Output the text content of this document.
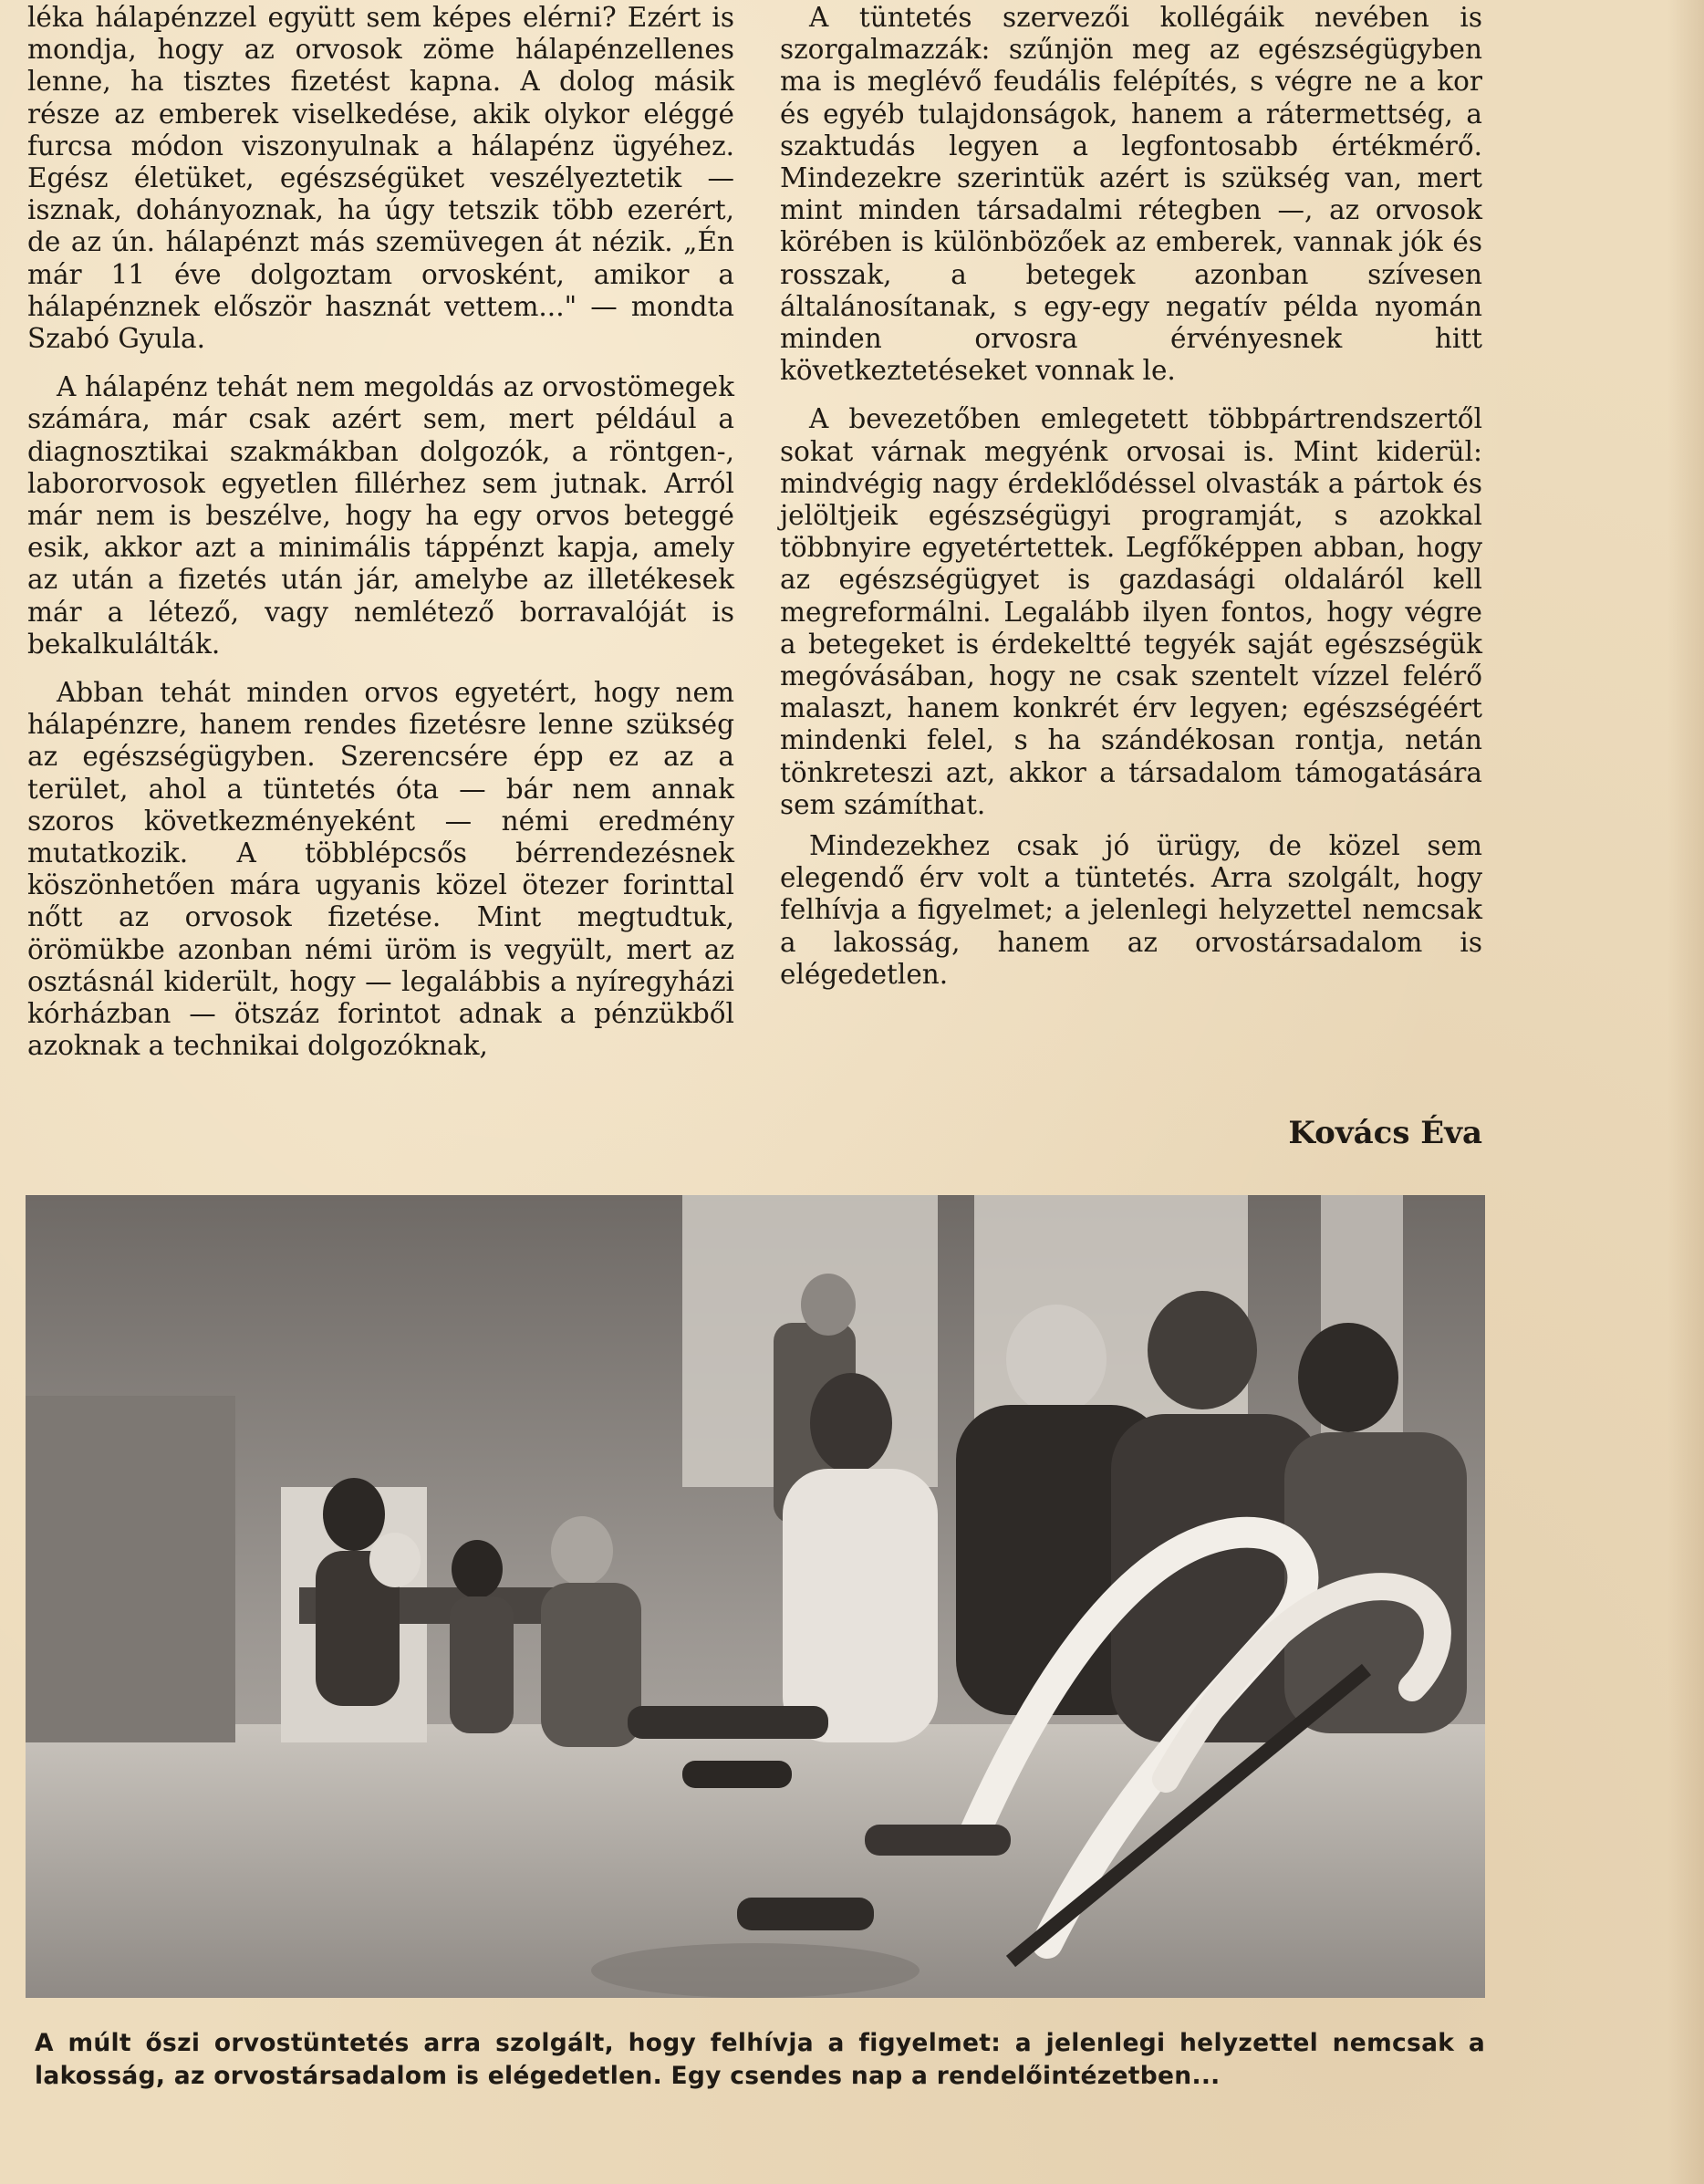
léka hálapénzzel együtt sem képes elérni? Ezért is mondja, hogy az orvosok zöme hálapénzellenes lenne, ha tisztes fizetést kapna. A dolog másik része az emberek viselkedése, akik olykor eléggé furcsa módon viszonyulnak a hálapénz ügyéhez. Egész életüket, egészségüket veszélyeztetik — isznak, dohányoznak, ha úgy tetszik több ezerért, de az ún. hálapénzt más szemüvegen át nézik. „Én már 11 éve dolgoztam orvosként, amikor a hálapénznek először hasznát vettem..." — mondta Szabó Gyula.

A hálapénz tehát nem megoldás az orvostömegek számára, már csak azért sem, mert például a diagnosztikai szakmákban dolgozók, a röntgen-, labororvosok egyetlen fillérhez sem jutnak. Arról már nem is beszélve, hogy ha egy orvos beteggé esik, akkor azt a minimális táppénzt kapja, amely az után a fizetés után jár, amelybe az illetékesek már a létező, vagy nemlétező borravalóját is bekalkulálták.

Abban tehát minden orvos egyetért, hogy nem hálapénzre, hanem rendes fizetésre lenne szükség az egészségügyben. Szerencsére épp ez az a terület, ahol a tüntetés óta — bár nem annak szoros következményeként — némi eredmény mutatkozik. A többlépcsős bérrendezésnek köszönhetően mára ugyanis közel ötezer forinttal nőtt az orvosok fizetése. Mint megtudtuk, örömükbe azonban némi üröm is vegyült, mert az osztásnál kiderült, hogy — legalábbis a nyíregyházi kórházban — ötszáz forintot adnak a pénzükből azoknak a technikai dolgozóknak,

A tüntetés szervezői kollégáik nevében is szorgalmazzák: szűnjön meg az egészségügyben ma is meglévő feudális felépítés, s végre ne a kor és egyéb tulajdonságok, hanem a rátermettség, a szaktudás legyen a legfontosabb értékmérő. Mindezekre szerintük azért is szükség van, mert mint minden társadalmi rétegben —, az orvosok körében is különbözőek az emberek, vannak jók és rosszak, a betegek azonban szívesen általánosítanak, s egy-egy negatív példa nyomán minden orvosra érvényesnek hitt következtetéseket vonnak le.

A bevezetőben emlegetett többpártrendszertől sokat várnak megyénk orvosai is. Mint kiderül: mindvégig nagy érdeklődéssel olvasták a pártok és jelöltjeik egészségügyi programját, s azokkal többnyire egyetértettek. Legfőképpen abban, hogy az egészségügyet is gazdasági oldaláról kell megreformálni. Legalább ilyen fontos, hogy végre a betegeket is érdekeltté tegyék saját egészségük megóvásában, hogy ne csak szentelt vízzel felérő malaszt, hanem konkrét érv legyen; egészségéért mindenki felel, s ha szándékosan rontja, netán tönkreteszi azt, akkor a társadalom támogatására sem számíthat.

Mindezekhez csak jó ürügy, de közel sem elegendő érv volt a tüntetés. Arra szolgált, hogy felhívja a figyelmet; a jelenlegi helyzettel nemcsak a lakosság, hanem az orvostársadalom is elégedetlen.

Kovács Éva
A múlt őszi orvostüntetés arra szolgált, hogy felhívja a figyelmet: a jelenlegi helyzettel nemcsak a lakosság, az orvostársadalom is elégedetlen. Egy csendes nap a rendelőintézetben...
